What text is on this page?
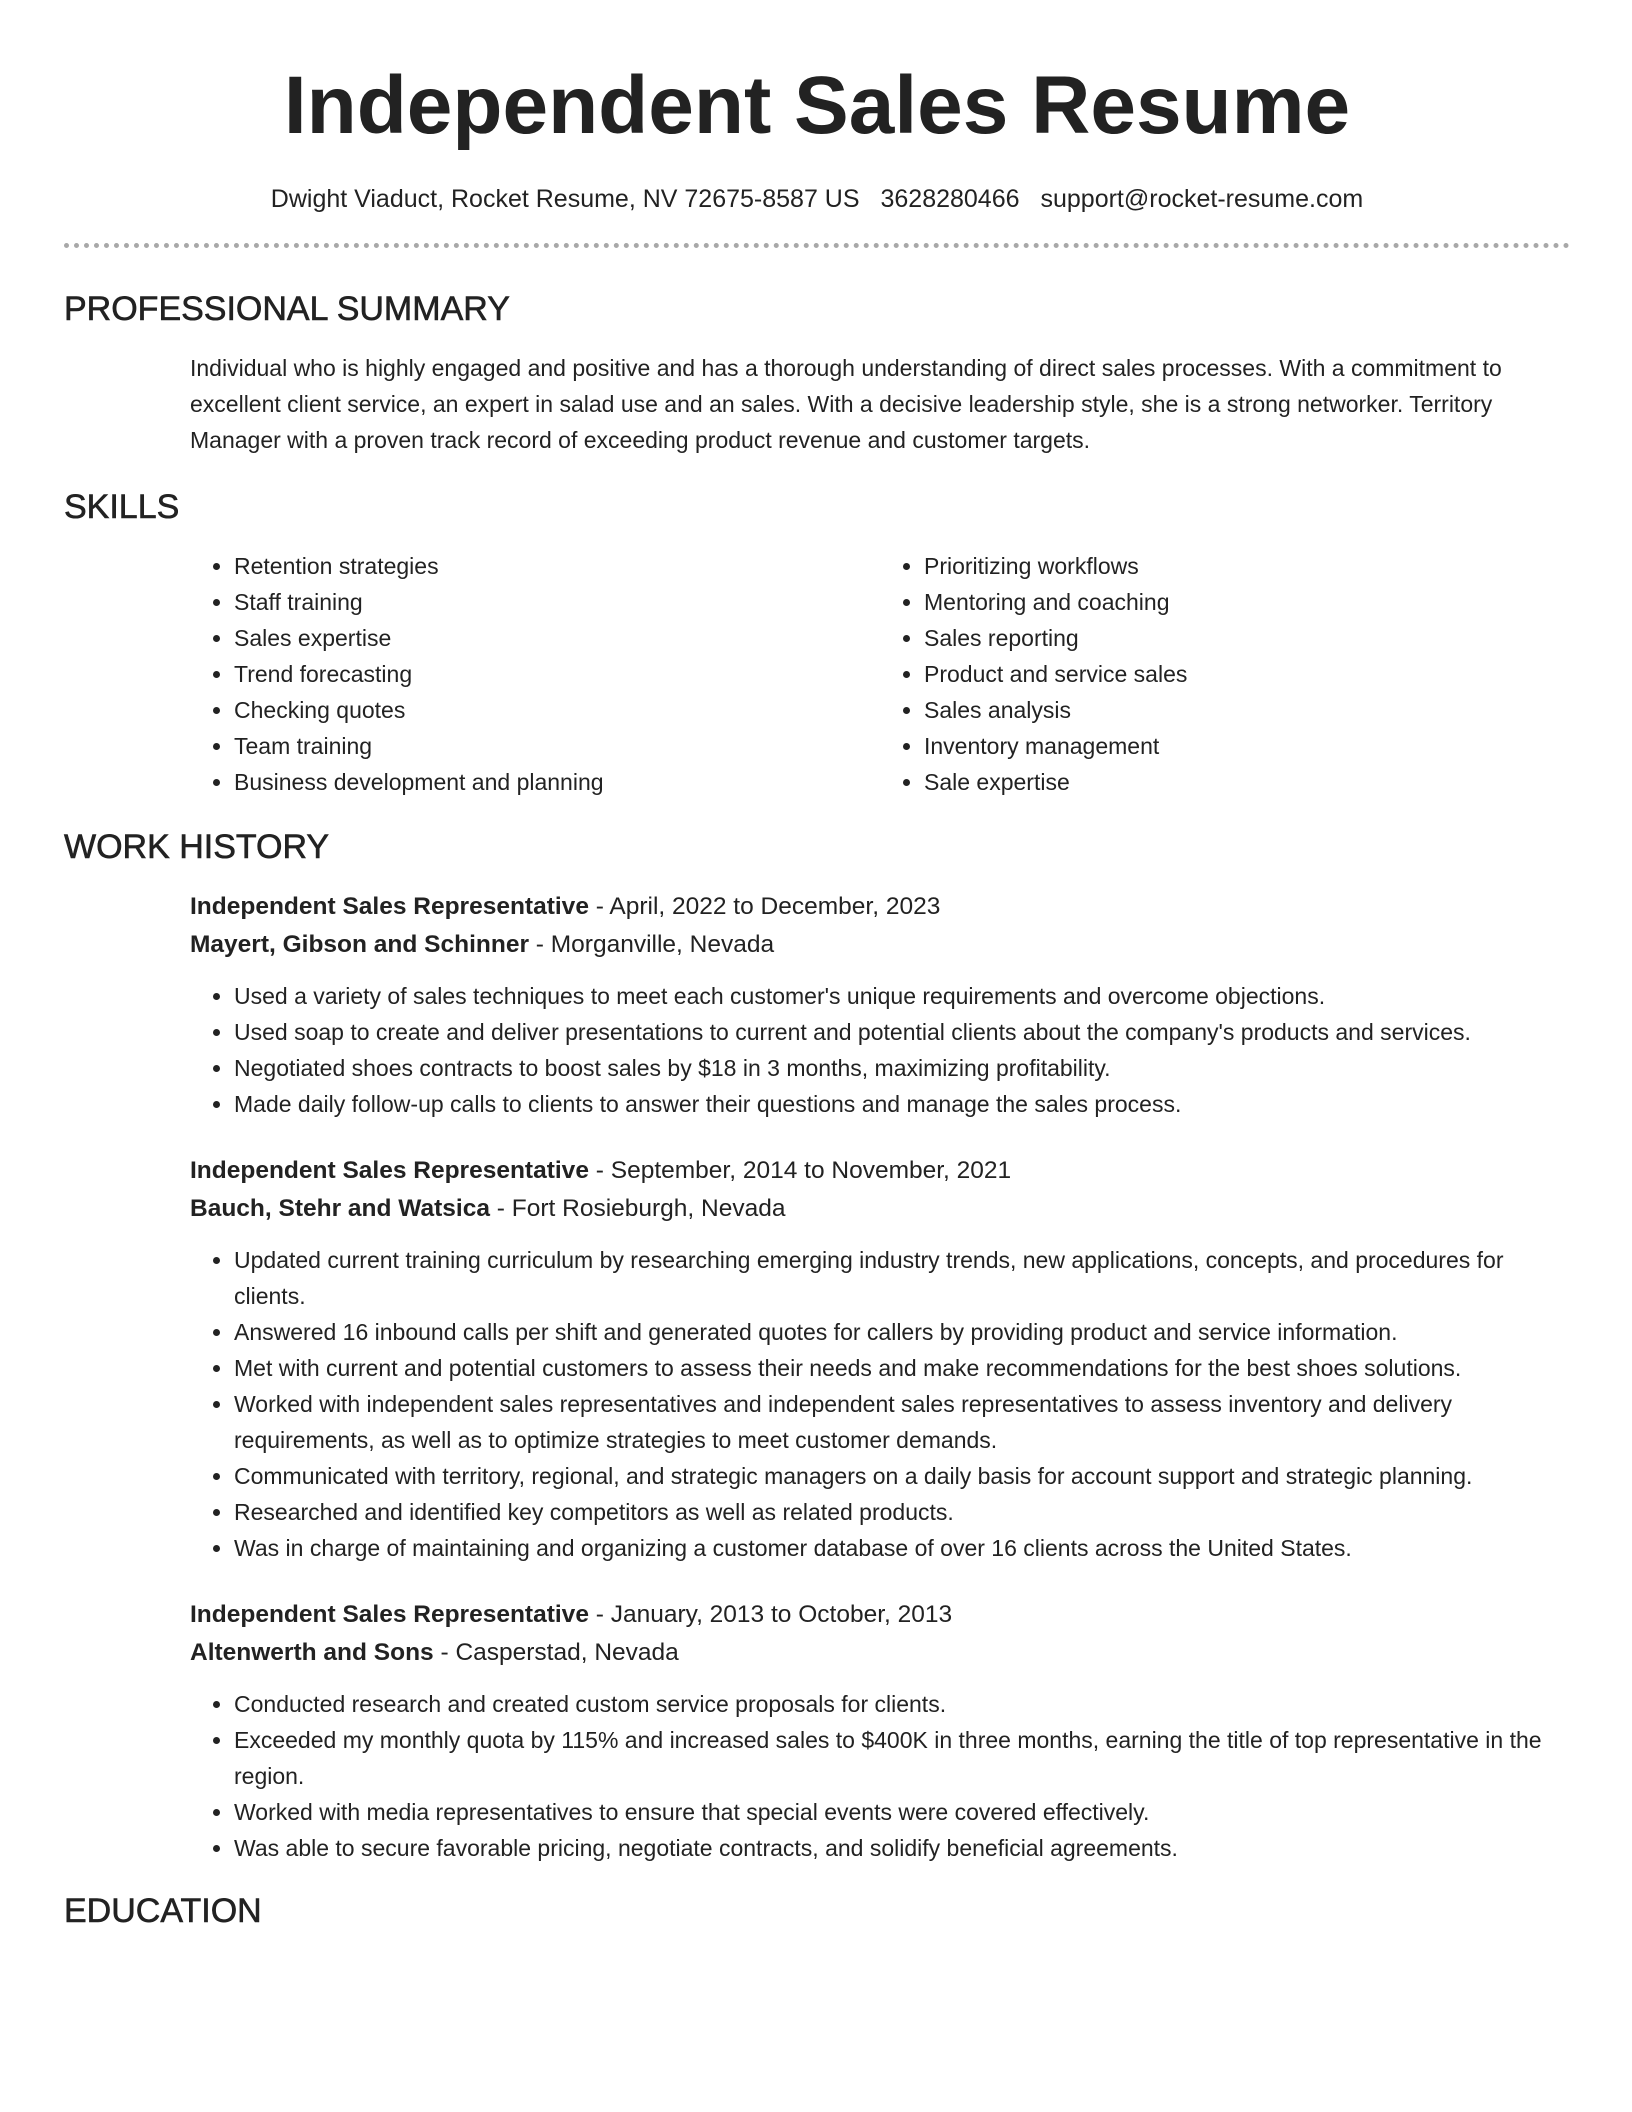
Independent Sales Resume
Dwight Viaduct, Rocket Resume, NV 72675-8587 US 3628280466 support@rocket-resume.com
PROFESSIONAL SUMMARY
Individual who is highly engaged and positive and has a thorough understanding of direct sales processes. With a commitment to excellent client service, an expert in salad use and an sales. With a decisive leadership style, she is a strong networker. Territory Manager with a proven track record of exceeding product revenue and customer targets.
SKILLS
• Retention strategies
• Staff training
• Sales expertise
• Trend forecasting
• Checking quotes
• Team training
• Business development and planning
• Prioritizing workflows
• Mentoring and coaching
• Sales reporting
• Product and service sales
• Sales analysis
• Inventory management
• Sale expertise
WORK HISTORY
Independent Sales Representative - April, 2022 to December, 2023
Mayert, Gibson and Schinner - Morganville, Nevada
• Used a variety of sales techniques to meet each customer's unique requirements and overcome objections.
• Used soap to create and deliver presentations to current and potential clients about the company's products and services.
• Negotiated shoes contracts to boost sales by $18 in 3 months, maximizing profitability.
• Made daily follow-up calls to clients to answer their questions and manage the sales process.
Independent Sales Representative - September, 2014 to November, 2021
Bauch, Stehr and Watsica - Fort Rosieburgh, Nevada
• Updated current training curriculum by researching emerging industry trends, new applications, concepts, and procedures for clients.
• Answered 16 inbound calls per shift and generated quotes for callers by providing product and service information.
• Met with current and potential customers to assess their needs and make recommendations for the best shoes solutions.
• Worked with independent sales representatives and independent sales representatives to assess inventory and delivery requirements, as well as to optimize strategies to meet customer demands.
• Communicated with territory, regional, and strategic managers on a daily basis for account support and strategic planning.
• Researched and identified key competitors as well as related products.
• Was in charge of maintaining and organizing a customer database of over 16 clients across the United States.
Independent Sales Representative - January, 2013 to October, 2013
Altenwerth and Sons - Casperstad, Nevada
• Conducted research and created custom service proposals for clients.
• Exceeded my monthly quota by 115% and increased sales to $400K in three months, earning the title of top representative in the region.
• Worked with media representatives to ensure that special events were covered effectively.
• Was able to secure favorable pricing, negotiate contracts, and solidify beneficial agreements.
EDUCATION
